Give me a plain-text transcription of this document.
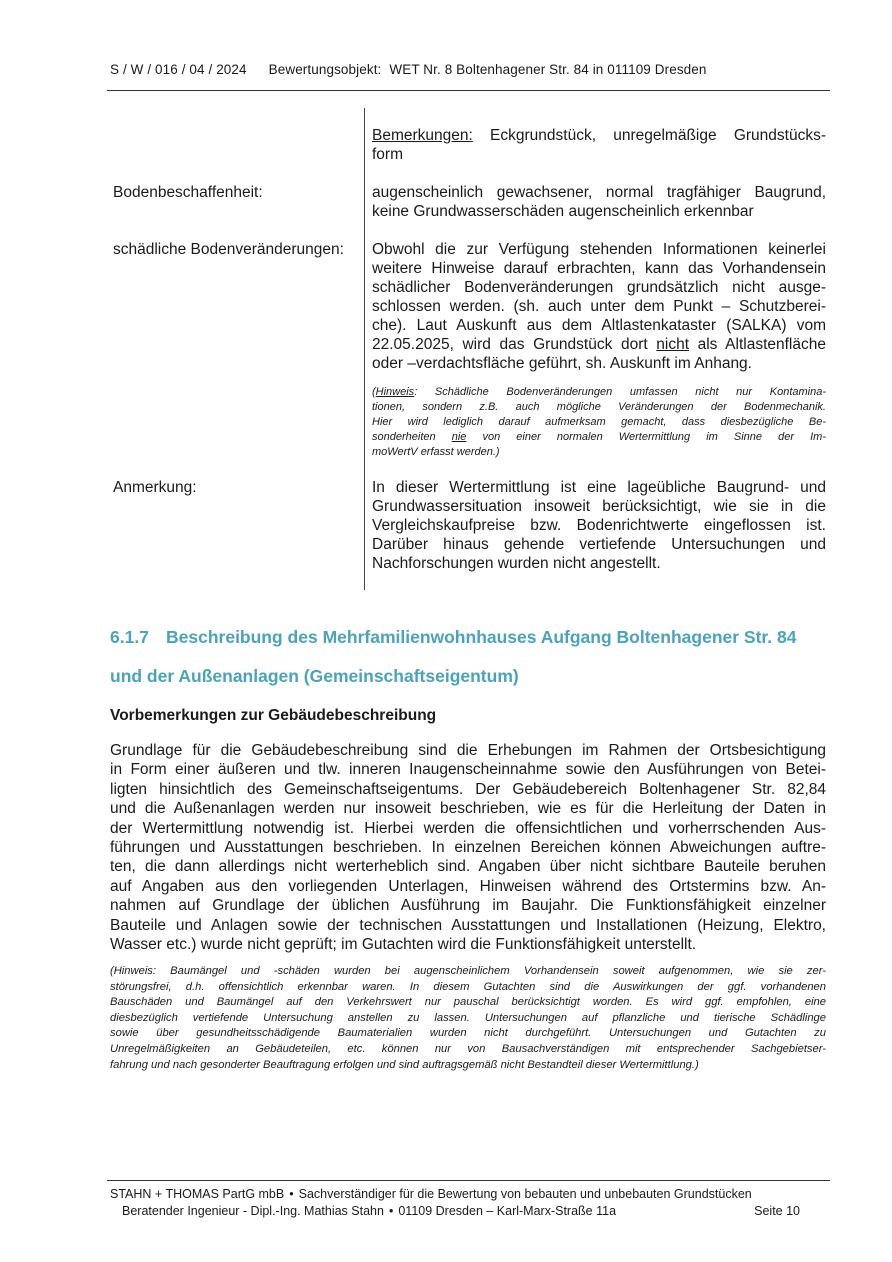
S / W / 016 / 04 / 2024 Bewertungsobjekt: WET Nr. 8 Boltenhagener Str. 84 in 011109 Dresden
Bemerkungen: Eckgrundstück, unregelmäßige Grundstücks-
form
Bodenbeschaffenheit:	augenscheinlich gewachsener, normal tragfähiger Baugrund,
keine Grundwasserschäden augenscheinlich erkennbar
schädliche Bodenveränderungen: Obwohl die zur Verfügung stehenden Informationen keinerlei
weitere Hinweise darauf erbrachten, kann das Vorhandensein
schädlicher Bodenveränderungen grundsätzlich nicht ausge-
schlossen werden. (sh. auch unter dem Punkt – Schutzberei-
che). Laut Auskunft aus dem Altlastenkataster (SALKA) vom
22.05.2025, wird das Grundstück dort nicht als Altlastenfläche
oder –verdachtsfläche geführt, sh. Auskunft im Anhang.
(Hinweis: Schädliche Bodenveränderungen umfassen nicht nur Kontamina-
tionen, sondern z.B. auch mögliche Veränderungen der Bodenmechanik.
Hier wird lediglich darauf aufmerksam gemacht, dass diesbezügliche Be-
sonderheiten nie von einer normalen Wertermittlung im Sinne der Im-
moWertV erfasst werden.)
Anmerkung:	In dieser Wertermittlung ist eine lageübliche Baugrund- und
Grundwassersituation insoweit berücksichtigt, wie sie in die
Vergleichskaufpreise bzw. Bodenrichtwerte eingeflossen ist.
Darüber hinaus gehende vertiefende Untersuchungen und
Nachforschungen wurden nicht angestellt.
6.1.7 Beschreibung des Mehrfamilienwohnhauses Aufgang Boltenhagener Str. 84
und der Außenanlagen (Gemeinschaftseigentum)
Vorbemerkungen zur Gebäudebeschreibung
Grundlage für die Gebäudebeschreibung sind die Erhebungen im Rahmen der Ortsbesichtigung
in Form einer äußeren und tlw. inneren Inaugenscheinnahme sowie den Ausführungen von Betei-
ligten hinsichtlich des Gemeinschaftseigentums. Der Gebäudebereich Boltenhagener Str. 82,84
und die Außenanlagen werden nur insoweit beschrieben, wie es für die Herleitung der Daten in
der Wertermittlung notwendig ist. Hierbei werden die offensichtlichen und vorherrschenden Aus-
führungen und Ausstattungen beschrieben. In einzelnen Bereichen können Abweichungen auftre-
ten, die dann allerdings nicht werterheblich sind. Angaben über nicht sichtbare Bauteile beruhen
auf Angaben aus den vorliegenden Unterlagen, Hinweisen während des Ortstermins bzw. An-
nahmen auf Grundlage der üblichen Ausführung im Baujahr. Die Funktionsfähigkeit einzelner
Bauteile und Anlagen sowie der technischen Ausstattungen und Installationen (Heizung, Elektro,
Wasser etc.) wurde nicht geprüft; im Gutachten wird die Funktionsfähigkeit unterstellt.
(Hinweis: Baumängel und -schäden wurden bei augenscheinlichem Vorhandensein soweit aufgenommen, wie sie zer-
störungsfrei, d.h. offensichtlich erkennbar waren. In diesem Gutachten sind die Auswirkungen der ggf. vorhandenen
Bauschäden und Baumängel auf den Verkehrswert nur pauschal berücksichtigt worden. Es wird ggf. empfohlen, eine
diesbezüglich vertiefende Untersuchung anstellen zu lassen. Untersuchungen auf pflanzliche und tierische Schädlinge
sowie über gesundheitsschädigende Baumaterialien wurden nicht durchgeführt. Untersuchungen und Gutachten zu
Unregelmäßigkeiten an Gebäudeteilen, etc. können nur von Bausachverständigen mit entsprechender Sachgebietser-
fahrung und nach gesonderter Beauftragung erfolgen und sind auftragsgemäß nicht Bestandteil dieser Wertermittlung.)
STAHN + THOMAS PartG mbB • Sachverständiger für die Bewertung von bebauten und unbebauten Grundstücken
Beratender Ingenieur - Dipl.-Ing. Mathias Stahn • 01109 Dresden – Karl-Marx-Straße 11a	Seite 10
